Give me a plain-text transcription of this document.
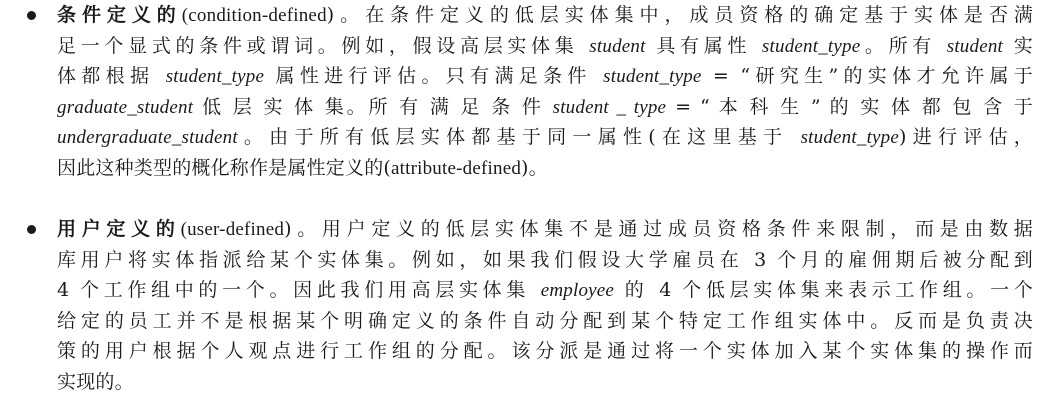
条件定义的(condition-defined)。在条件定义的低层实体集中，成员资格的确定基于实体是否满
足一个显式的条件或谓词。例如，假设高层实体集 student 具有属性 student_type。所有 student 实
体都根据 student_type 属性进行评估。只有满足条件 student_type = “研究生”的实体才允许属于
graduate_student 低 层 实 体 集。所 有 满 足 条 件 student _ type = “ 本 科 生 ” 的 实 体 都 包 含 于
undergraduate_student。由于所有低层实体都基于同一属性(在这里基于 student_type)进行评估，
因此这种类型的概化称作是属性定义的(attribute-defined)。
用户定义的(user-defined)。用户定义的低层实体集不是通过成员资格条件来限制，而是由数据
库用户将实体指派给某个实体集。例如，如果我们假设大学雇员在 3 个月的雇佣期后被分配到
4 个工作组中的一个。因此我们用高层实体集 employee 的 4 个低层实体集来表示工作组。一个
给定的员工并不是根据某个明确定义的条件自动分配到某个特定工作组实体中。反而是负责决
策的用户根据个人观点进行工作组的分配。该分派是通过将一个实体加入某个实体集的操作而
实现的。
